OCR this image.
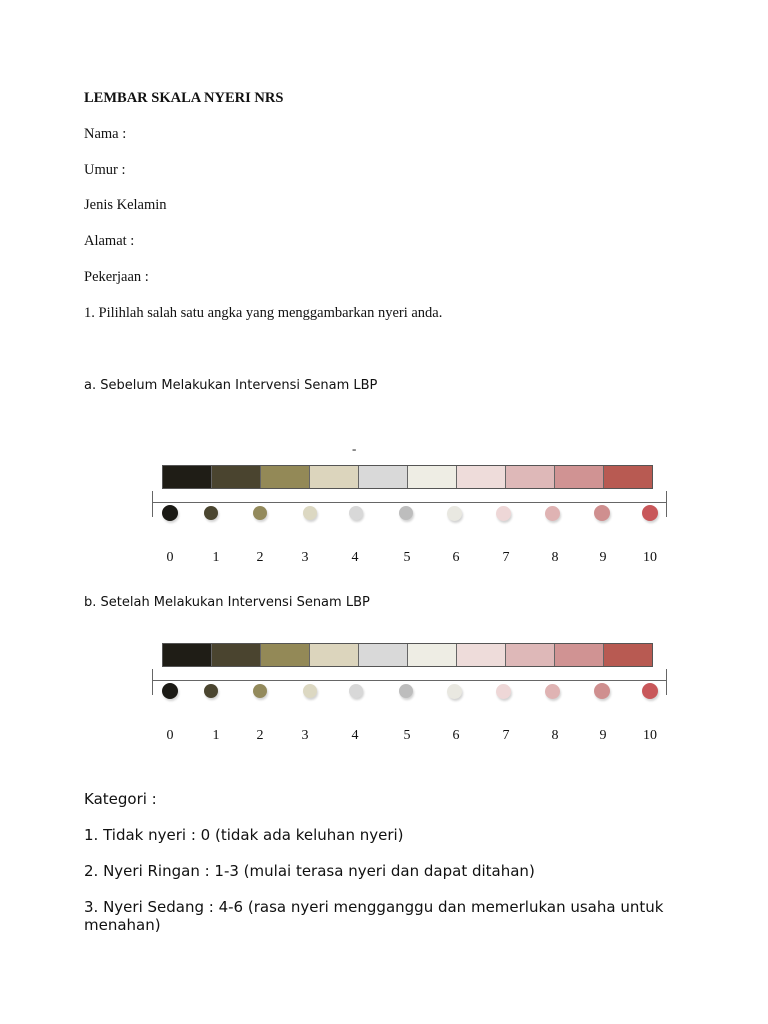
LEMBAR SKALA NYERI NRS
Nama :
Umur :
Jenis Kelamin
Alamat :
Pekerjaan :
1. Pilihlah salah satu angka yang menggambarkan nyeri anda.
a. Sebelum Melakukan Intervensi Senam LBP
-
0	1	2	3	4	5	6	7	8	9	10
b. Setelah Melakukan Intervensi Senam LBP
0	1	2	3	4	5	6	7	8	9	10
Kategori :
1. Tidak nyeri : 0 (tidak ada keluhan nyeri)
2. Nyeri Ringan : 1-3 (mulai terasa nyeri dan dapat ditahan)
3. Nyeri Sedang : 4-6 (rasa nyeri mengganggu dan memerlukan usaha untuk menahan)
